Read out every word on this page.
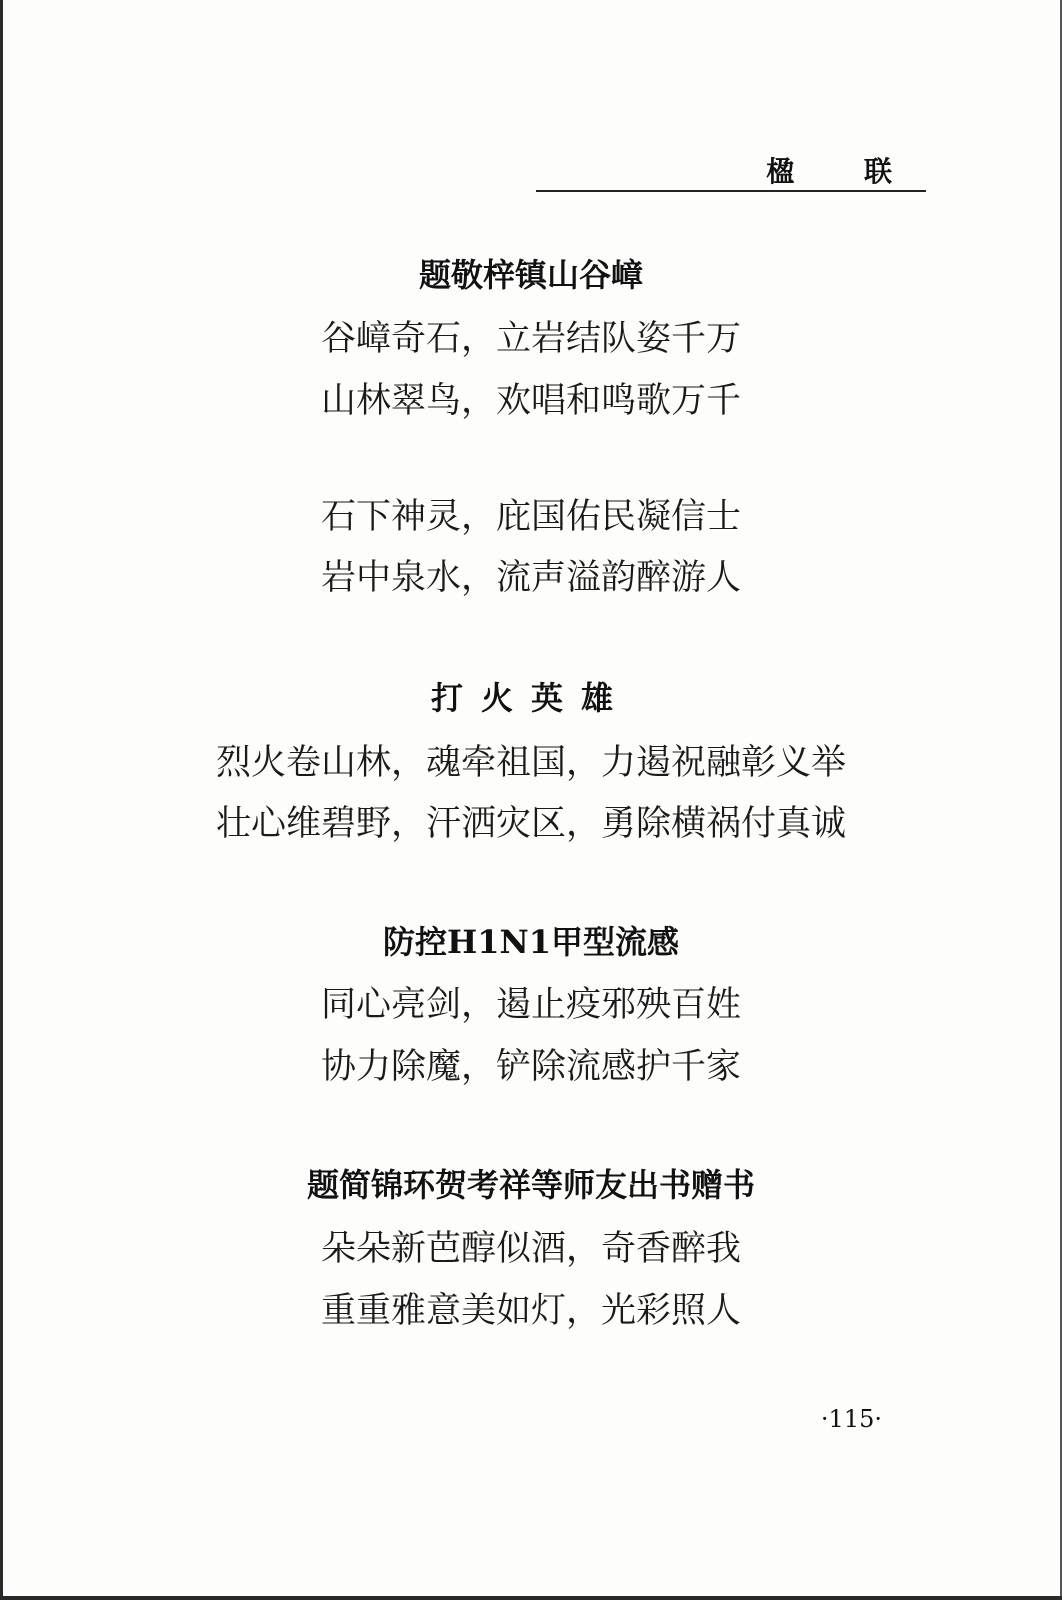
楹 联
题敬梓镇山谷嶂
谷嶂奇石，立岩结队姿千万
山林翠鸟，欢唱和鸣歌万千
石下神灵，庇国佑民凝信士
岩中泉水，流声溢韵醉游人
打火英雄
烈火卷山林，魂牵祖国，力遏祝融彰义举
壮心维碧野，汗洒灾区，勇除横祸付真诚
防控H1N1甲型流感
同心亮剑，遏止疫邪殃百姓
协力除魔，铲除流感护千家
题简锦环贺考祥等师友出书赠书
朵朵新芭醇似酒，奇香醉我
重重雅意美如灯，光彩照人
·115·
